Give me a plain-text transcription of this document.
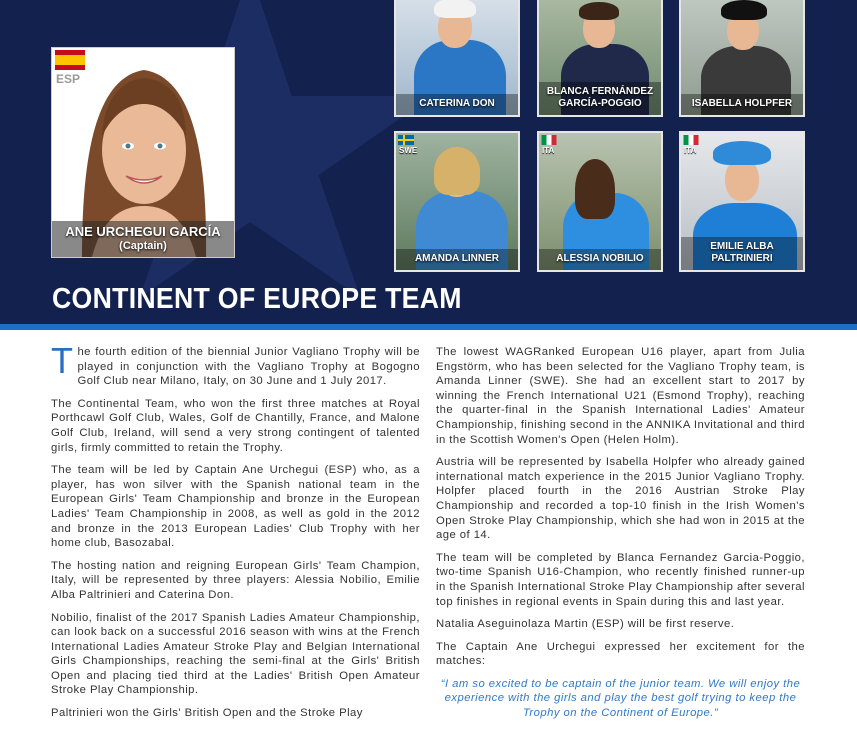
ESP
ANE URCHEGUI GARCÍA
(Captain)
CATERINA DON
BLANCA FERNÁNDEZ GARCÍA-POGGIO	ISABELLA HOLPFER
SWE
AMANDA LINNER
ITA
ALESSIA NOBILIO
ITA
EMILIE ALBA PALTRINIERI
CONTINENT OF EUROPE TEAM

The fourth edition of the biennial Junior Vagliano Trophy will be played in conjunction with the Vagliano Trophy at Bogogno Golf Club near Milano, Italy, on 30 June and 1 July 2017.

The Continental Team, who won the first three matches at Royal Porthcawl Golf Club, Wales, Golf de Chantilly, France, and Malone Golf Club, Ireland, will send a very strong contingent of talented girls, firmly committed to retain the Trophy.

The team will be led by Captain Ane Urchegui (ESP) who, as a player, has won silver with the Spanish national team in the European Girls' Team Championship and bronze in the European Ladies' Team Championship in 2008, as well as gold in the 2012 and bronze in the 2013 European Ladies' Club Trophy with her home club, Basozabal.

The hosting nation and reigning European Girls' Team Champion, Italy, will be represented by three players: Alessia Nobilio, Emilie Alba Paltrinieri and Caterina Don.

Nobilio, finalist of the 2017 Spanish Ladies Amateur Championship, can look back on a successful 2016 season with wins at the French International Ladies Amateur Stroke Play and Belgian International Girls Championships, reaching the semi-final at the Girls' British Open and placing tied third at the Ladies' British Open Amateur Stroke Play Championship.

Paltrinieri won the Girls' British Open and the Stroke Play

The lowest WAGRanked European U16 player, apart from Julia Engstörm, who has been selected for the Vagliano Trophy team, is Amanda Linner (SWE). She had an excellent start to 2017 by winning the French International U21 (Esmond Trophy), reaching the quarter-final in the Spanish International Ladies' Amateur Championship, finishing second in the ANNIKA Invitational and third in the Scottish Women's Open (Helen Holm).

Austria will be represented by Isabella Holpfer who already gained international match experience in the 2015 Junior Vagliano Trophy. Holpfer placed fourth in the 2016 Austrian Stroke Play Championship and recorded a top-10 finish in the Irish Women's Open Stroke Play Championship, which she had won in 2015 at the age of 14.

The team will be completed by Blanca Fernandez Garcia-Poggio, two-time Spanish U16-Champion, who recently finished runner-up in the Spanish International Stroke Play Championship after several top finishes in regional events in Spain during this and last year.

Natalia Aseguinolaza Martin (ESP) will be first reserve.

The Captain Ane Urchegui expressed her excitement for the matches:

“I am so excited to be captain of the junior team. We will enjoy the experience with the girls and play the best golf trying to keep the Trophy on the Continent of Europe.”
